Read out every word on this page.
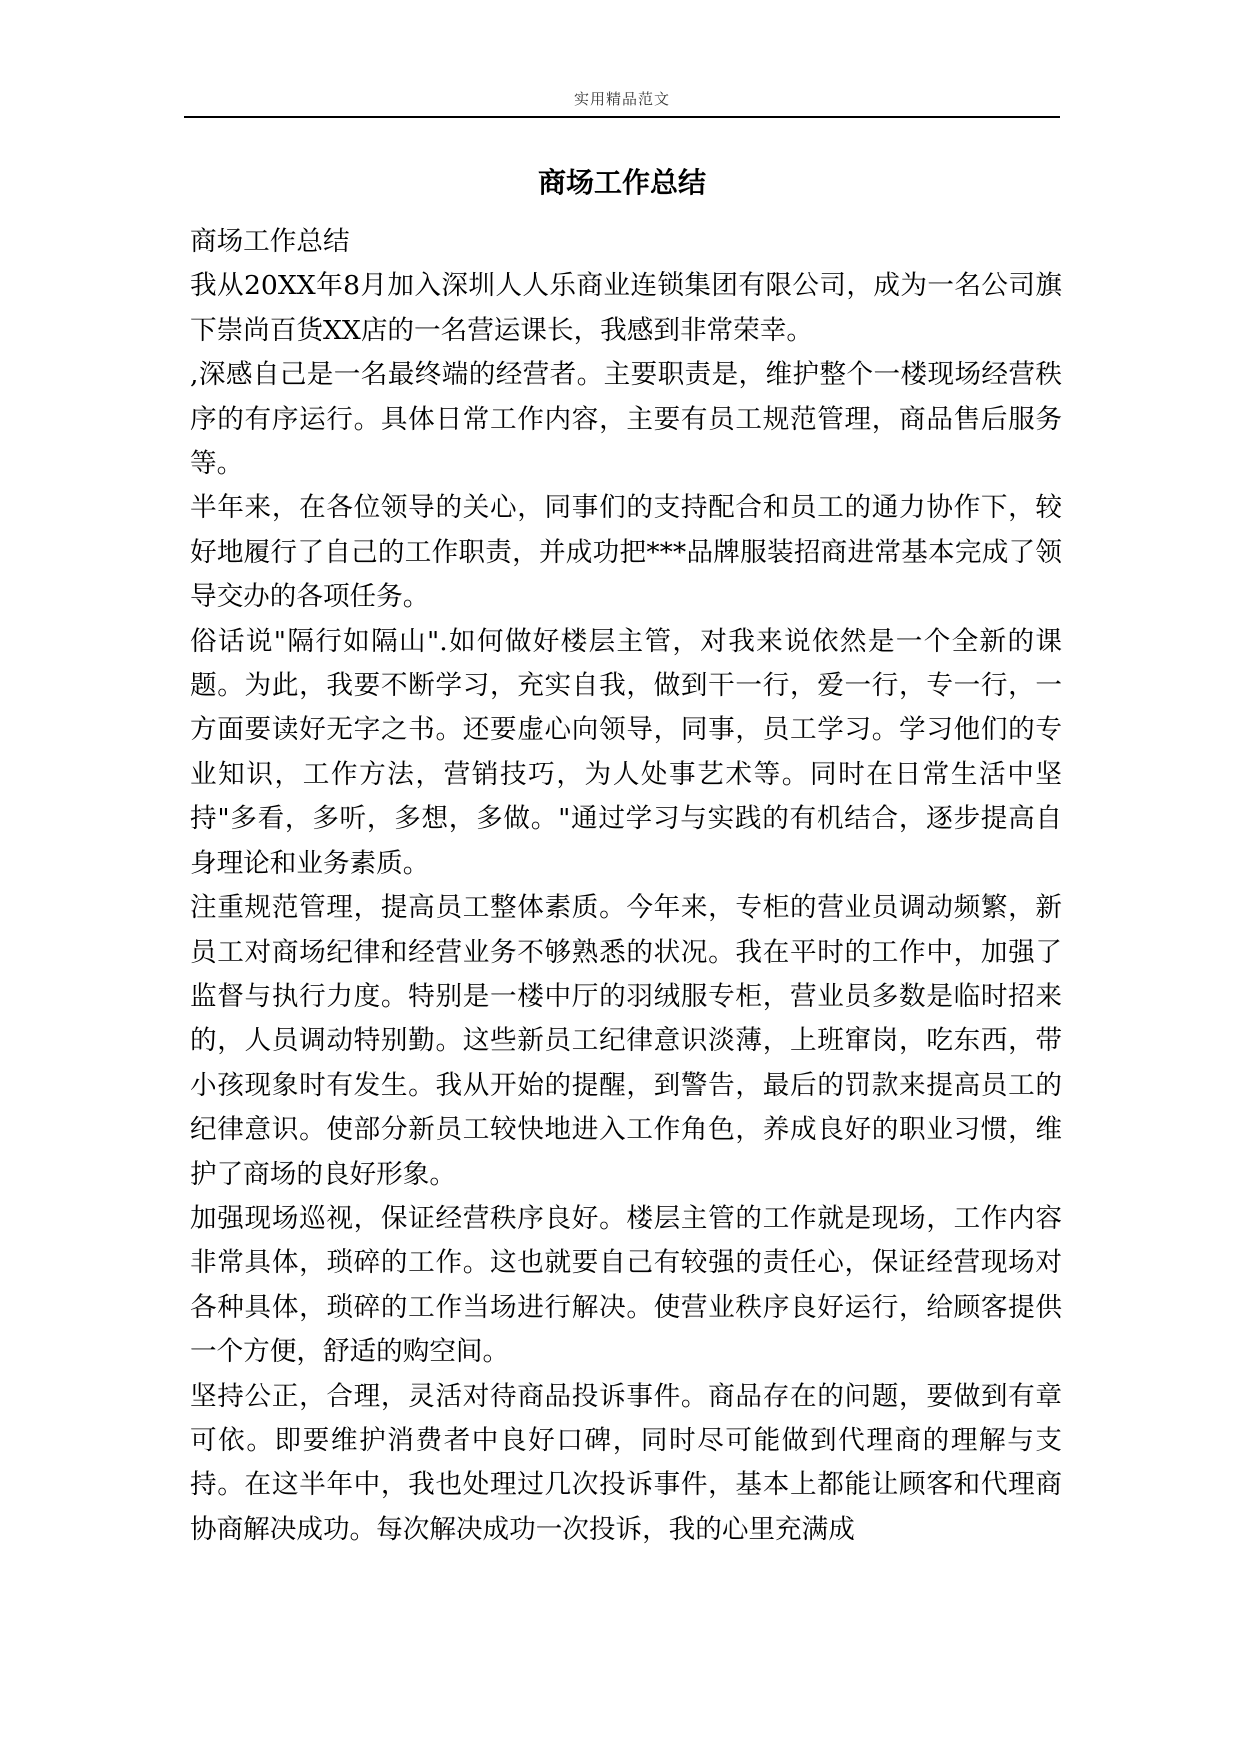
实用精品范文
商场工作总结

商场工作总结

我从20XX年8月加入深圳人人乐商业连锁集团有限公司，成为一名公司旗下崇尚百货XX店的一名营运课长，我感到非常荣幸。

,深感自己是一名最终端的经营者。主要职责是，维护整个一楼现场经营秩序的有序运行。具体日常工作内容，主要有员工规范管理，商品售后服务等。

半年来，在各位领导的关心，同事们的支持配合和员工的通力协作下，较好地履行了自己的工作职责，并成功把***品牌服装招商进常基本完成了领导交办的各项任务。

俗话说"隔行如隔山".如何做好楼层主管，对我来说依然是一个全新的课题。为此，我要不断学习，充实自我，做到干一行，爱一行，专一行，一方面要读好无字之书。还要虚心向领导，同事，员工学习。学习他们的专业知识，工作方法，营销技巧，为人处事艺术等。同时在日常生活中坚持"多看，多听，多想，多做。"通过学习与实践的有机结合，逐步提高自身理论和业务素质。

注重规范管理，提高员工整体素质。今年来，专柜的营业员调动频繁，新员工对商场纪律和经营业务不够熟悉的状况。我在平时的工作中，加强了监督与执行力度。特别是一楼中厅的羽绒服专柜，营业员多数是临时招来的，人员调动特别勤。这些新员工纪律意识淡薄，上班窜岗，吃东西，带小孩现象时有发生。我从开始的提醒，到警告，最后的罚款来提高员工的纪律意识。使部分新员工较快地进入工作角色，养成良好的职业习惯，维护了商场的良好形象。

加强现场巡视，保证经营秩序良好。楼层主管的工作就是现场，工作内容非常具体，琐碎的工作。这也就要自己有较强的责任心，保证经营现场对各种具体，琐碎的工作当场进行解决。使营业秩序良好运行，给顾客提供一个方便，舒适的购空间。

坚持公正，合理，灵活对待商品投诉事件。商品存在的问题，要做到有章可依。即要维护消费者中良好口碑，同时尽可能做到代理商的理解与支持。在这半年中，我也处理过几次投诉事件，基本上都能让顾客和代理商协商解决成功。每次解决成功一次投诉，我的心里充满成
